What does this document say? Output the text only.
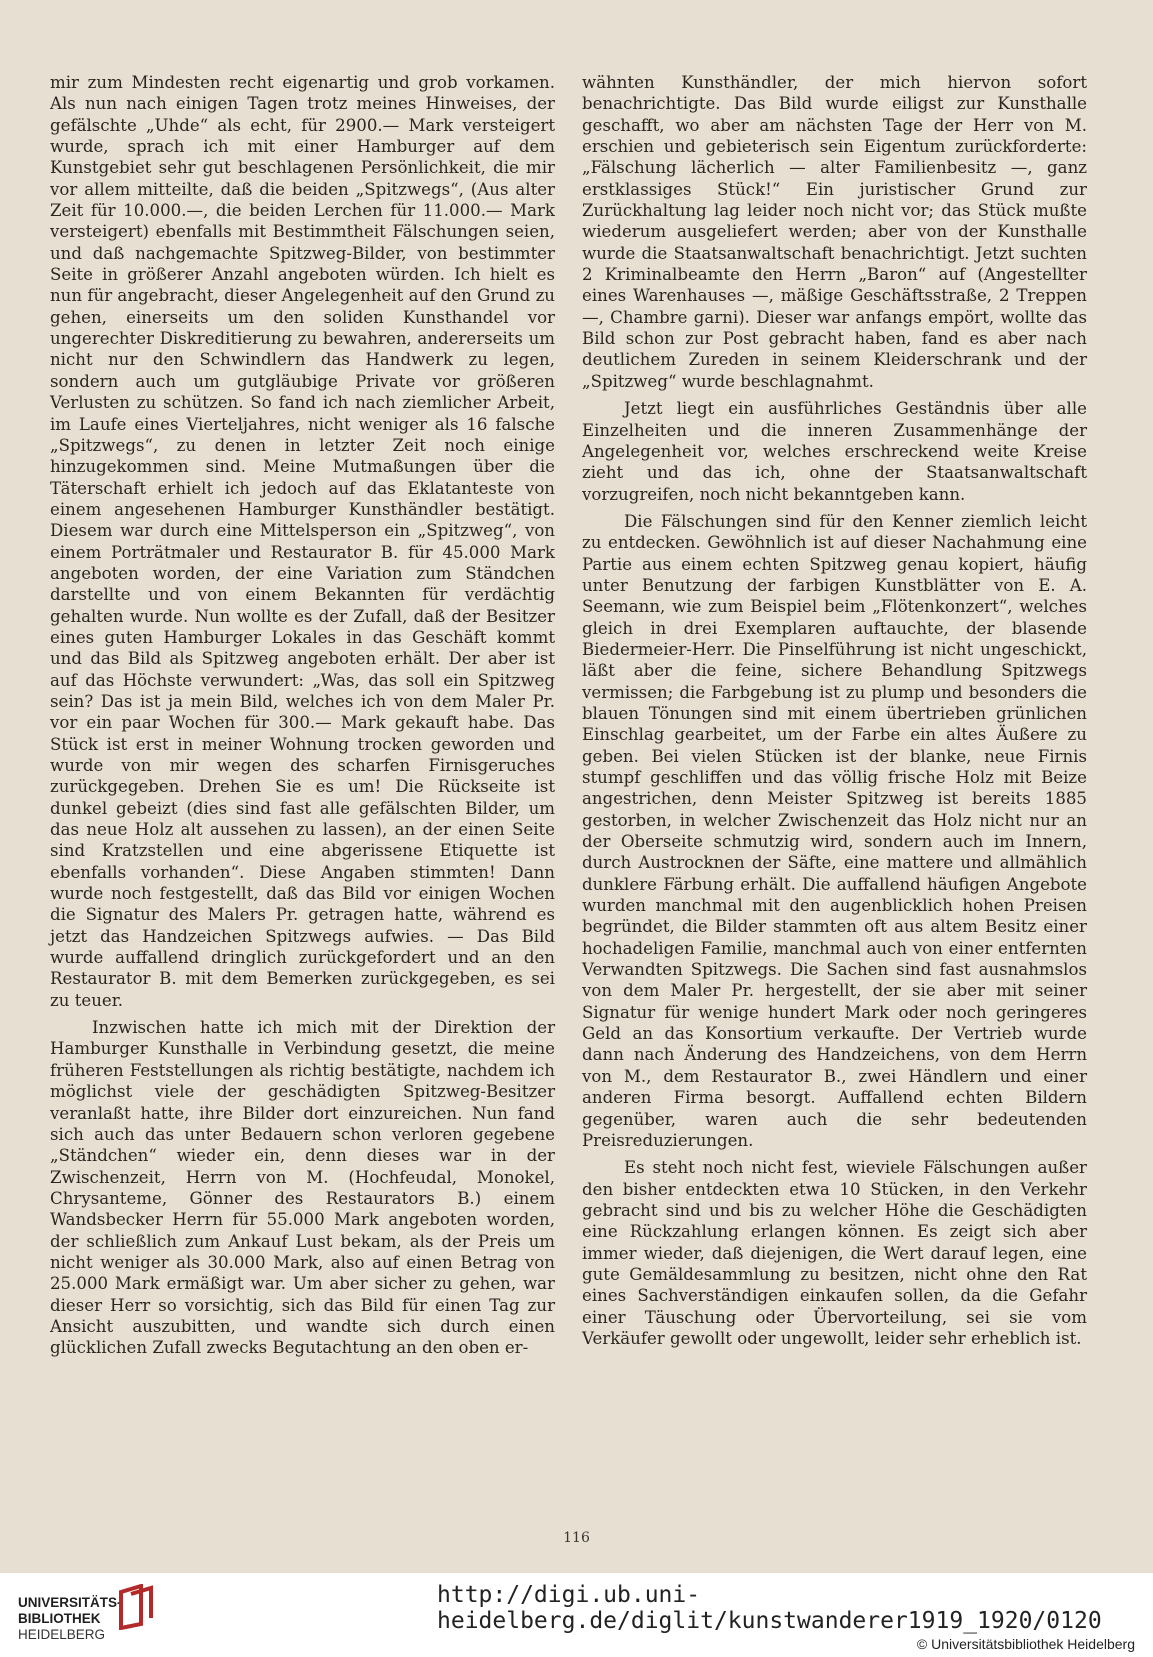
mir zum Mindesten recht eigenartig und grob vorkamen. Als nun nach einigen Tagen trotz meines Hinweises, der gefälschte „Uhde“ als echt, für 2900.— Mark versteigert wurde, sprach ich mit einer Hamburger auf dem Kunstgebiet sehr gut beschlagenen Persönlichkeit, die mir vor allem mitteilte, daß die beiden „Spitzwegs“, (Aus alter Zeit für 10.000.—, die beiden Lerchen für 11.000.— Mark versteigert) ebenfalls mit Bestimmtheit Fälschungen seien, und daß nachgemachte Spitzweg-Bilder, von bestimmter Seite in größerer Anzahl angeboten würden. Ich hielt es nun für angebracht, dieser Angelegenheit auf den Grund zu gehen, einerseits um den soliden Kunsthandel vor ungerechter Diskreditierung zu bewahren, andererseits um nicht nur den Schwindlern das Handwerk zu legen, sondern auch um gutgläubige Private vor größeren Verlusten zu schützen. So fand ich nach ziemlicher Arbeit, im Laufe eines Vierteljahres, nicht weniger als 16 falsche „Spitzwegs“, zu denen in letzter Zeit noch einige hinzugekommen sind. Meine Mutmaßungen über die Täterschaft erhielt ich jedoch auf das Eklatanteste von einem angesehenen Hamburger Kunsthändler bestätigt. Diesem war durch eine Mittelsperson ein „Spitzweg“, von einem Porträtmaler und Restaurator B. für 45.000 Mark angeboten worden, der eine Variation zum Ständchen darstellte und von einem Bekannten für verdächtig gehalten wurde. Nun wollte es der Zufall, daß der Besitzer eines guten Hamburger Lokales in das Geschäft kommt und das Bild als Spitzweg angeboten erhält. Der aber ist auf das Höchste verwundert: „Was, das soll ein Spitzweg sein? Das ist ja mein Bild, welches ich von dem Maler Pr. vor ein paar Wochen für 300.— Mark gekauft habe. Das Stück ist erst in meiner Wohnung trocken geworden und wurde von mir wegen des scharfen Firnisgeruches zurückgegeben. Drehen Sie es um! Die Rückseite ist dunkel gebeizt (dies sind fast alle gefälschten Bilder, um das neue Holz alt aussehen zu lassen), an der einen Seite sind Kratzstellen und eine abgerissene Etiquette ist ebenfalls vorhanden“. Diese Angaben stimmten! Dann wurde noch festgestellt, daß das Bild vor einigen Wochen die Signatur des Malers Pr. getragen hatte, während es jetzt das Handzeichen Spitzwegs aufwies. — Das Bild wurde auffallend dringlich zurückgefordert und an den Restaurator B. mit dem Bemerken zurückgegeben, es sei zu teuer.

Inzwischen hatte ich mich mit der Direktion der Hamburger Kunsthalle in Verbindung gesetzt, die meine früheren Feststellungen als richtig bestätigte, nachdem ich möglichst viele der geschädigten Spitzweg-Besitzer veranlaßt hatte, ihre Bilder dort einzureichen. Nun fand sich auch das unter Bedauern schon verloren gegebene „Ständchen“ wieder ein, denn dieses war in der Zwischenzeit, Herrn von M. (Hochfeudal, Monokel, Chrysanteme, Gönner des Restaurators B.) einem Wandsbecker Herrn für 55.000 Mark angeboten worden, der schließlich zum Ankauf Lust bekam, als der Preis um nicht weniger als 30.000 Mark, also auf einen Betrag von 25.000 Mark ermäßigt war. Um aber sicher zu gehen, war dieser Herr so vorsichtig, sich das Bild für einen Tag zur Ansicht auszubitten, und wandte sich durch einen glücklichen Zufall zwecks Begutachtung an den oben er-

wähnten Kunsthändler, der mich hiervon sofort benachrichtigte. Das Bild wurde eiligst zur Kunsthalle geschafft, wo aber am nächsten Tage der Herr von M. erschien und gebieterisch sein Eigentum zurückforderte: „Fälschung lächerlich — alter Familienbesitz —, ganz erstklassiges Stück!“ Ein juristischer Grund zur Zurückhaltung lag leider noch nicht vor; das Stück mußte wiederum ausgeliefert werden; aber von der Kunsthalle wurde die Staatsanwaltschaft benachrichtigt. Jetzt suchten 2 Kriminalbeamte den Herrn „Baron“ auf (Angestellter eines Warenhauses —, mäßige Geschäftsstraße, 2 Treppen —, Chambre garni). Dieser war anfangs empört, wollte das Bild schon zur Post gebracht haben, fand es aber nach deutlichem Zureden in seinem Kleiderschrank und der „Spitzweg“ wurde beschlagnahmt.

Jetzt liegt ein ausführliches Geständnis über alle Einzelheiten und die inneren Zusammenhänge der Angelegenheit vor, welches erschreckend weite Kreise zieht und das ich, ohne der Staatsanwaltschaft vorzugreifen, noch nicht bekanntgeben kann.

Die Fälschungen sind für den Kenner ziemlich leicht zu entdecken. Gewöhnlich ist auf dieser Nachahmung eine Partie aus einem echten Spitzweg genau kopiert, häufig unter Benutzung der farbigen Kunstblätter von E. A. Seemann, wie zum Beispiel beim „Flötenkonzert“, welches gleich in drei Exemplaren auftauchte, der blasende Biedermeier-Herr. Die Pinselführung ist nicht ungeschickt, läßt aber die feine, sichere Behandlung Spitzwegs vermissen; die Farbgebung ist zu plump und besonders die blauen Tönungen sind mit einem übertrieben grünlichen Einschlag gearbeitet, um der Farbe ein altes Äußere zu geben. Bei vielen Stücken ist der blanke, neue Firnis stumpf geschliffen und das völlig frische Holz mit Beize angestrichen, denn Meister Spitzweg ist bereits 1885 gestorben, in welcher Zwischenzeit das Holz nicht nur an der Oberseite schmutzig wird, sondern auch im Innern, durch Austrocknen der Säfte, eine mattere und allmählich dunklere Färbung erhält. Die auffallend häufigen Angebote wurden manchmal mit den augenblicklich hohen Preisen begründet, die Bilder stammten oft aus altem Besitz einer hochadeligen Familie, manchmal auch von einer entfernten Verwandten Spitzwegs. Die Sachen sind fast ausnahmslos von dem Maler Pr. hergestellt, der sie aber mit seiner Signatur für wenige hundert Mark oder noch geringeres Geld an das Konsortium verkaufte. Der Vertrieb wurde dann nach Änderung des Handzeichens, von dem Herrn von M., dem Restaurator B., zwei Händlern und einer anderen Firma besorgt. Auffallend echten Bildern gegenüber, waren auch die sehr bedeutenden Preisreduzierungen.

Es steht noch nicht fest, wieviele Fälschungen außer den bisher entdeckten etwa 10 Stücken, in den Verkehr gebracht sind und bis zu welcher Höhe die Geschädigten eine Rückzahlung erlangen können. Es zeigt sich aber immer wieder, daß diejenigen, die Wert darauf legen, eine gute Gemäldesammlung zu besitzen, nicht ohne den Rat eines Sachverständigen einkaufen sollen, da die Gefahr einer Täuschung oder Übervorteilung, sei sie vom Verkäufer gewollt oder ungewollt, leider sehr erheblich ist.

116
UNIVERSITÄTS-
BIBLIOTHEK
HEIDELBERG
http://digi.ub.uni-heidelberg.de/diglit/kunstwanderer1919_1920/0120
© Universitätsbibliothek Heidelberg
